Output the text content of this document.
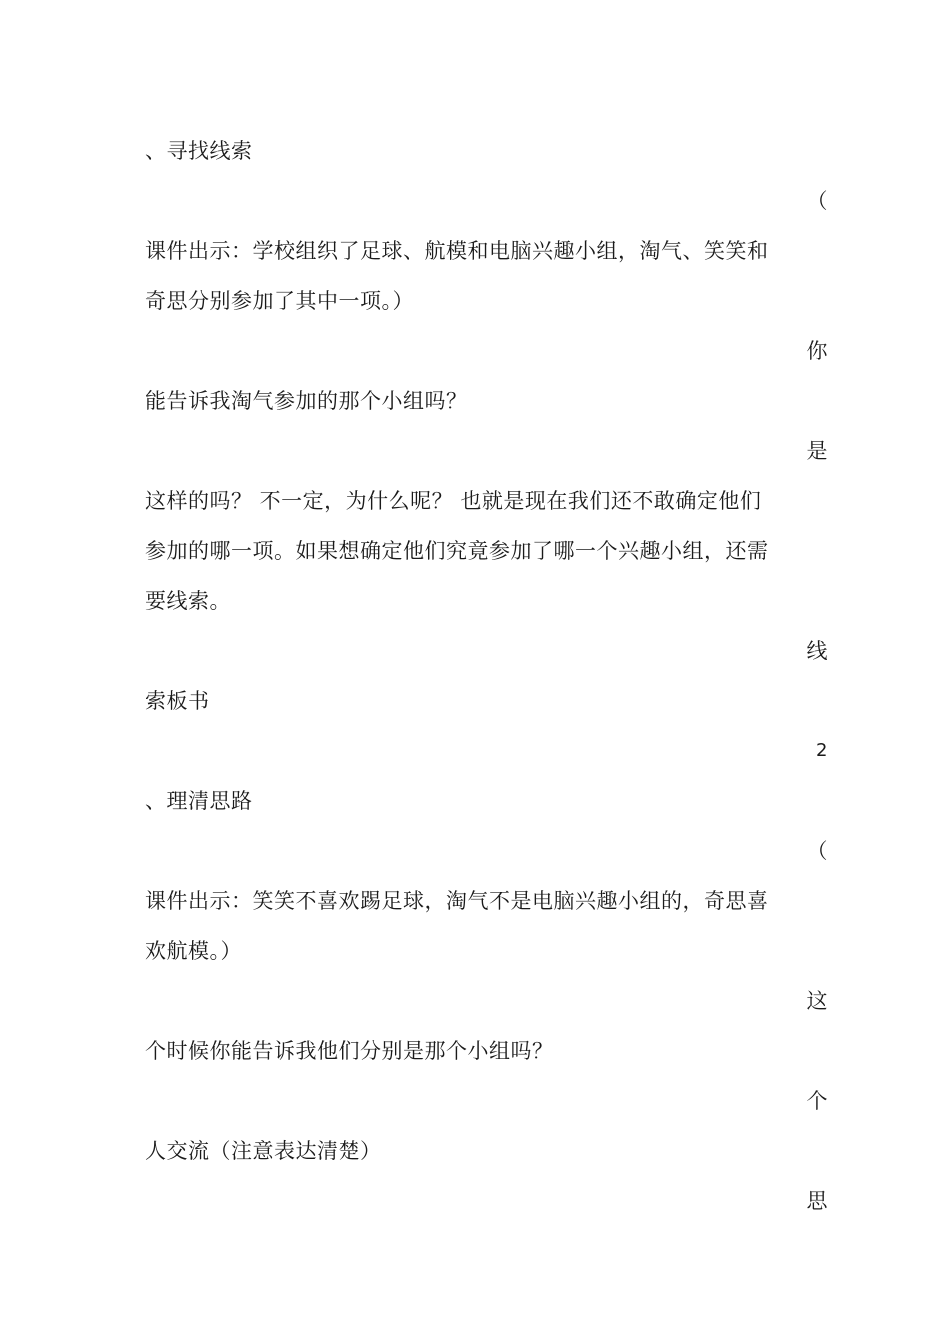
、寻找线索
（
课件出示：学校组织了足球、航模和电脑兴趣小组，淘气、笑笑和
奇思分别参加了其中一项。）
你
能告诉我淘气参加的那个小组吗？
是
这样的吗？ 不一定，为什么呢？ 也就是现在我们还不敢确定他们
参加的哪一项。如果想确定他们究竟参加了哪一个兴趣小组，还需
要线索。
线
索板书
2
、理清思路
（
课件出示：笑笑不喜欢踢足球，淘气不是电脑兴趣小组的，奇思喜
欢航模。）
这
个时候你能告诉我他们分别是那个小组吗？
个
人交流（注意表达清楚）
思
